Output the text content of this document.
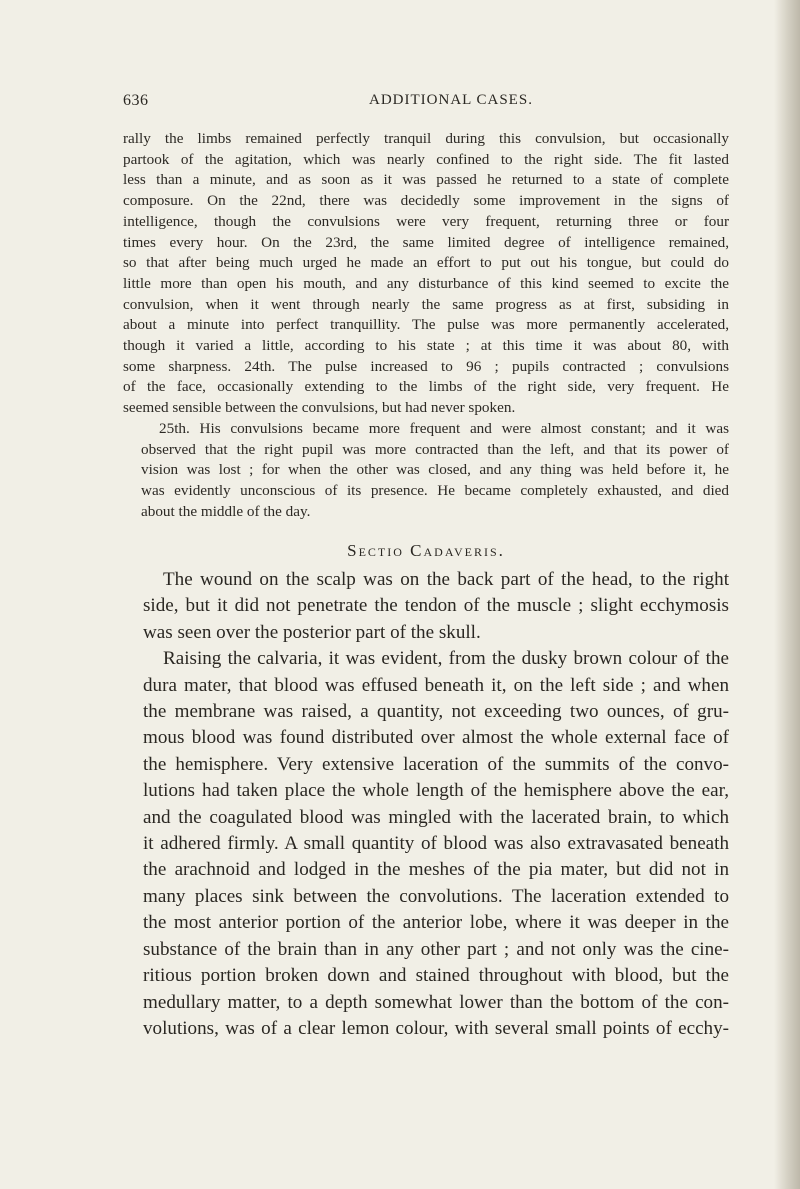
636	ADDITIONAL CASES.

rally the limbs remained perfectly tranquil during this convulsion, but occasionally
partook of the agitation, which was nearly confined to the right side. The fit lasted
less than a minute, and as soon as it was passed he returned to a state of complete
composure. On the 22nd, there was decidedly some improvement in the signs of
intelligence, though the convulsions were very frequent, returning three or four
times every hour. On the 23rd, the same limited degree of intelligence remained,
so that after being much urged he made an effort to put out his tongue, but could do
little more than open his mouth, and any disturbance of this kind seemed to excite the
convulsion, when it went through nearly the same progress as at first, subsiding in
about a minute into perfect tranquillity. The pulse was more permanently accelerated,
though it varied a little, according to his state ; at this time it was about 80, with
some sharpness. 24th. The pulse increased to 96 ; pupils contracted ; convulsions
of the face, occasionally extending to the limbs of the right side, very frequent. He
seemed sensible between the convulsions, but had never spoken.

25th. His convulsions became more frequent and were almost constant; and it was
observed that the right pupil was more contracted than the left, and that its power of
vision was lost ; for when the other was closed, and any thing was held before it, he
was evidently unconscious of its presence. He became completely exhausted, and died
about the middle of the day.

Sectio Cadaveris.

The wound on the scalp was on the back part of the head, to the right
side, but it did not penetrate the tendon of the muscle ; slight ecchymosis
was seen over the posterior part of the skull.

Raising the calvaria, it was evident, from the dusky brown colour of the
dura mater, that blood was effused beneath it, on the left side ; and when
the membrane was raised, a quantity, not exceeding two ounces, of gru-
mous blood was found distributed over almost the whole external face of
the hemisphere. Very extensive laceration of the summits of the convo-
lutions had taken place the whole length of the hemisphere above the ear,
and the coagulated blood was mingled with the lacerated brain, to which
it adhered firmly. A small quantity of blood was also extravasated beneath
the arachnoid and lodged in the meshes of the pia mater, but did not in
many places sink between the convolutions. The laceration extended to
the most anterior portion of the anterior lobe, where it was deeper in the
substance of the brain than in any other part ; and not only was the cine-
ritious portion broken down and stained throughout with blood, but the
medullary matter, to a depth somewhat lower than the bottom of the con-
volutions, was of a clear lemon colour, with several small points of ecchy-
